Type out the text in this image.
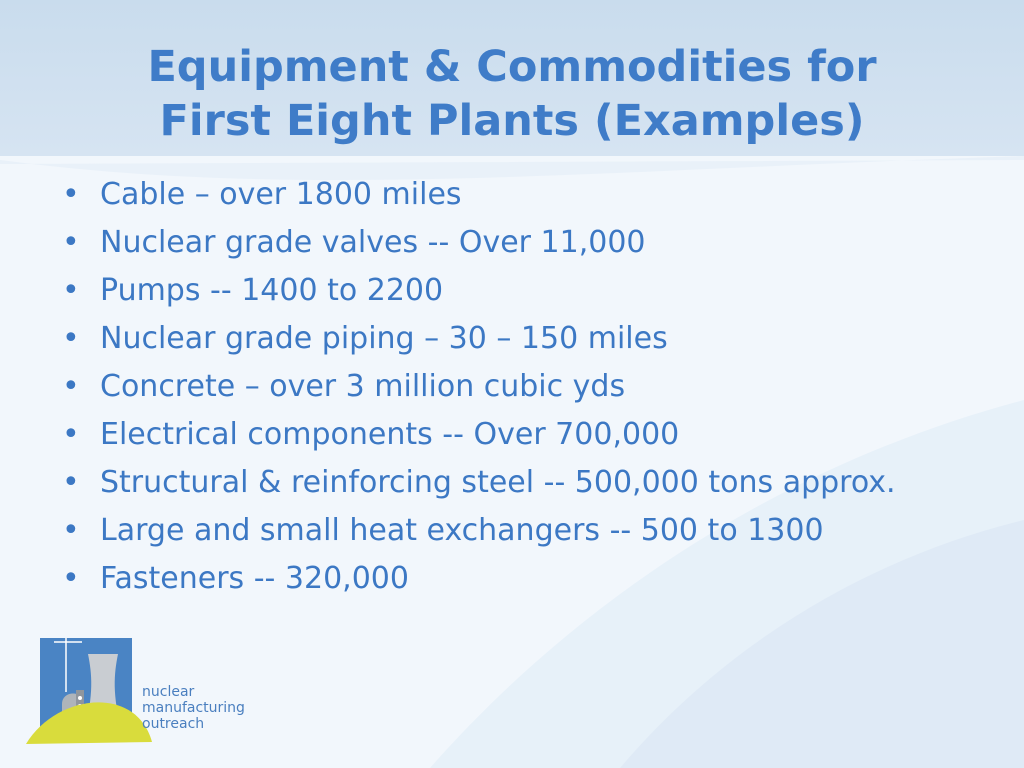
Equipment & Commodities for
First Eight Plants (Examples)
• Cable – over 1800 miles
• Nuclear grade valves -- Over 11,000
• Pumps -- 1400 to 2200
• Nuclear grade piping – 30 – 150 miles
• Concrete – over 3 million cubic yds
• Electrical components -- Over 700,000
• Structural & reinforcing steel -- 500,000 tons approx.
• Large and small heat exchangers -- 500 to 1300
• Fasteners -- 320,000
nuclear
manufacturing
outreach
